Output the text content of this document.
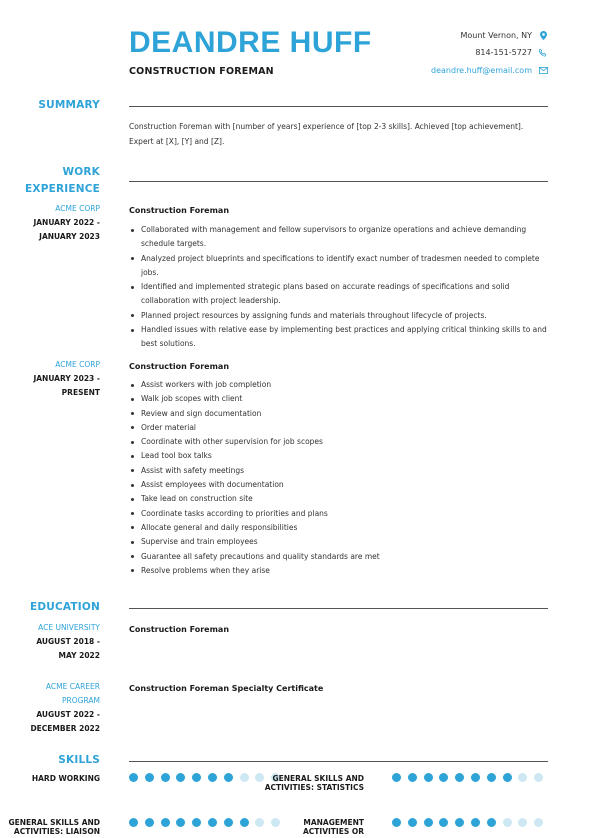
DEANDRE HUFF
CONSTRUCTION FOREMAN
Mount Vernon, NY
814-151-5727
deandre.huff@email.com
SUMMARY
Construction Foreman with [number of years] experience of [top 2-3 skills]. Achieved [top achievement]. Expert at [X], [Y] and [Z].
WORK
EXPERIENCE
ACME CORP
JANUARY 2022 -
JANUARY 2023
Construction Foreman
Collaborated with management and fellow supervisors to organize operations and achieve demanding schedule targets.
Analyzed project blueprints and specifications to identify exact number of tradesmen needed to complete jobs.
Identified and implemented strategic plans based on accurate readings of specifications and solid collaboration with project leadership.
Planned project resources by assigning funds and materials throughout lifecycle of projects.
Handled issues with relative ease by implementing best practices and applying critical thinking skills to and best solutions.
ACME CORP
JANUARY 2023 -
PRESENT
Construction Foreman
Assist workers with job completion
Walk job scopes with client
Review and sign documentation
Order material
Coordinate with other supervision for job scopes
Lead tool box talks
Assist with safety meetings
Assist employees with documentation
Take lead on construction site
Coordinate tasks according to priorities and plans
Allocate general and daily responsibilities
Supervise and train employees
Guarantee all safety precautions and quality standards are met
Resolve problems when they arise
EDUCATION
ACE UNIVERSITY
AUGUST 2018 -
MAY 2022
Construction Foreman
ACME CAREER
PROGRAM
AUGUST 2022 -
DECEMBER 2022
Construction Foreman Specialty Certificate
SKILLS
HARD WORKING	GENERAL SKILLS AND
ACTIVITIES: STATISTICS
GENERAL SKILLS AND
ACTIVITIES: LIAISON
MANAGEMENT
ACTIVITIES OR
